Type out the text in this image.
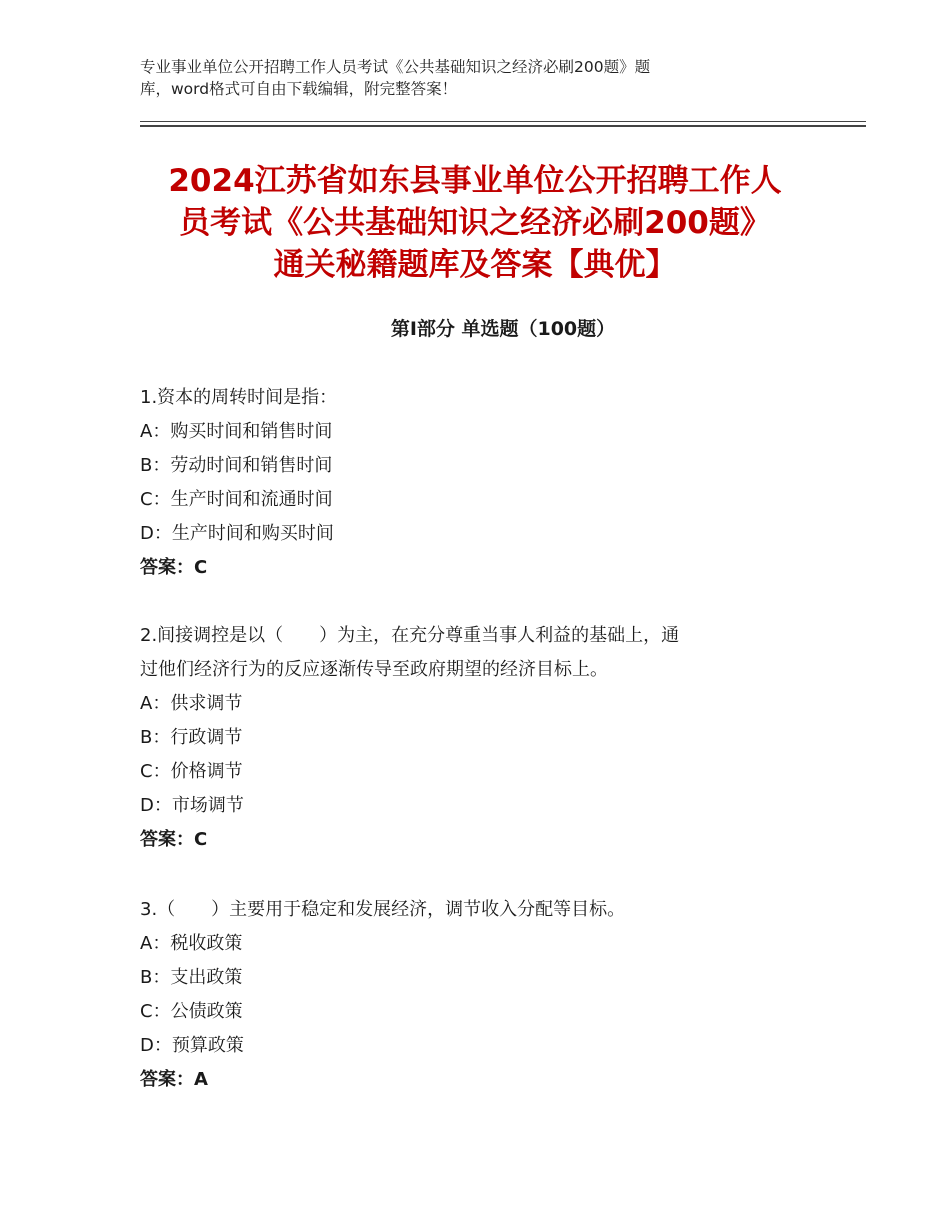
专业事业单位公开招聘工作人员考试《公共基础知识之经济必刷200题》题
库，word格式可自由下载编辑，附完整答案！
2024江苏省如东县事业单位公开招聘工作人
员考试《公共基础知识之经济必刷200题》
通关秘籍题库及答案【典优】
第Ⅰ部分 单选题（100题）

1.资本的周转时间是指：

A：购买时间和销售时间

B：劳动时间和销售时间

C：生产时间和流通时间

D：生产时间和购买时间

答案：C

2.间接调控是以（　　）为主，在充分尊重当事人利益的基础上，通

过他们经济行为的反应逐渐传导至政府期望的经济目标上。

A：供求调节

B：行政调节

C：价格调节

D：市场调节

答案：C

3.（　　）主要用于稳定和发展经济，调节收入分配等目标。

A：税收政策

B：支出政策

C：公债政策

D：预算政策

答案：A
